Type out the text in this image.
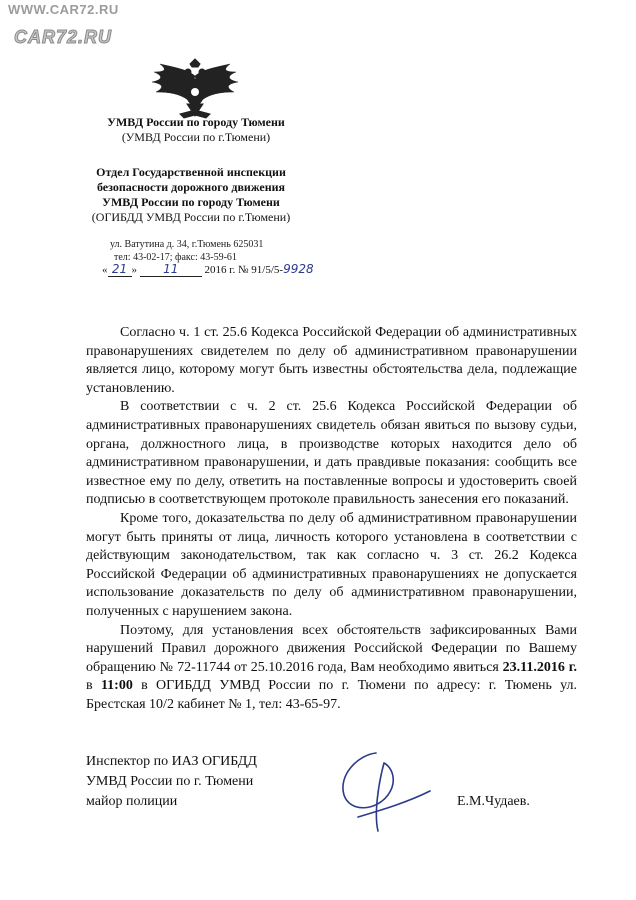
WWW.CAR72.RU
CAR72.RU
УМВД России по городу Тюмени
(УМВД России по г.Тюмени)
Отдел Государственной инспекции
безопасности дорожного движения
УМВД России по городу Тюмени
(ОГИБДД УМВД России по г.Тюмени)
ул. Ватутина д. 34, г.Тюмень 625031
тел: 43-02-17; факс: 43-59-61
« 21 » 11 2016 г. № 91/5/5-9928

Согласно ч. 1 ст. 25.6 Кодекса Российской Федерации об административных правонарушениях свидетелем по делу об административном правонарушении является лицо, которому могут быть известны обстоятельства дела, подлежащие установлению.

В соответствии с ч. 2 ст. 25.6 Кодекса Российской Федерации об административных правонарушениях свидетель обязан явиться по вызову судьи, органа, должностного лица, в производстве которых находится дело об административном правонарушении, и дать правдивые показания: сообщить все известное ему по делу, ответить на поставленные вопросы и удостоверить своей подписью в соответствующем протоколе правильность занесения его показаний.

Кроме того, доказательства по делу об административном правонарушении могут быть приняты от лица, личность которого установлена в соответствии с действующим законодательством, так как согласно ч. 3 ст. 26.2 Кодекса Российской Федерации об административных правонарушениях не допускается использование доказательств по делу об административном правонарушении, полученных с нарушением закона.

Поэтому, для установления всех обстоятельств зафиксированных Вами нарушений Правил дорожного движения Российской Федерации по Вашему обращению № 72-11744 от 25.10.2016 года, Вам необходимо явиться 23.11.2016 г. в 11:00 в ОГИБДД УМВД России по г. Тюмени по адресу: г. Тюмень ул. Брестская 10/2 кабинет № 1, тел: 43-65-97.

Инспектор по ИАЗ ОГИБДД
УМВД России по г. Тюмени
майор полиции	Е.М.Чудаев.
